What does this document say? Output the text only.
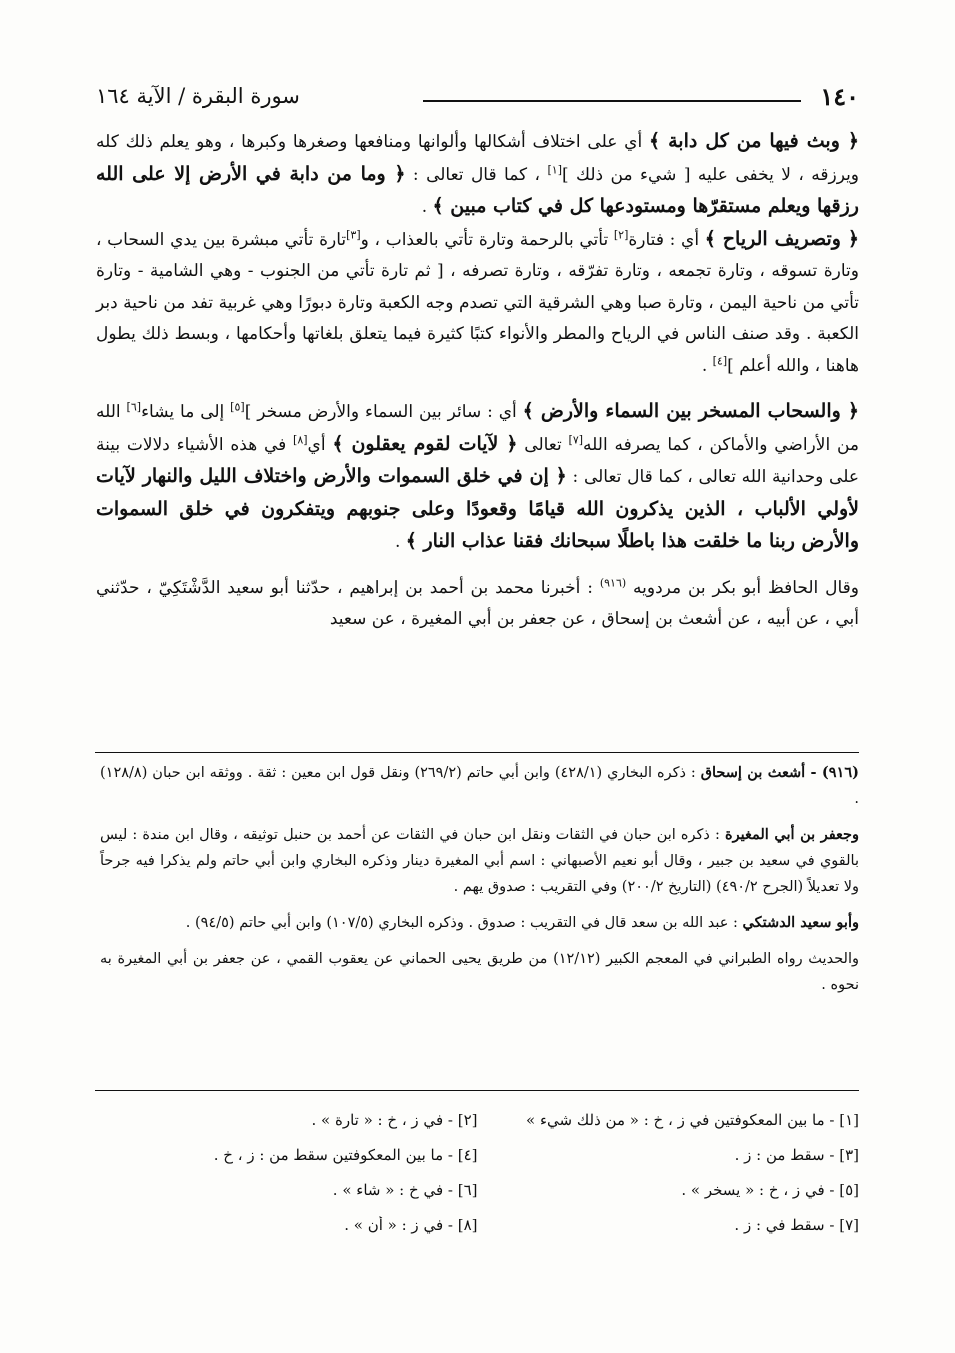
١٤٠
سورة البقرة / الآية ١٦٤

﴿ وبث فيها من كل دابة ﴾ أي على اختلاف أشكالها وألوانها ومنافعها وصغرها وكبرها ، وهو يعلم ذلك كله ويرزقه ، لا يخفى عليه [ شيء من ذلك ][١] ، كما قال تعالى : ﴿ وما من دابة في الأرض إلا على الله رزقها ويعلم مستقرّها ومستودعها كل في كتاب مبين ﴾ .
﴿ وتصريف الرياح ﴾ أي : فتارة[٢] تأتي بالرحمة وتارة تأتي بالعذاب ، و[٣]تارة تأتي مبشرة بين يدي السحاب ، وتارة تسوقه ، وتارة تجمعه ، وتارة تفرّقه ، وتارة تصرفه ، [ ثم تارة تأتي من الجنوب - وهي الشامية - وتارة تأتي من ناحية اليمن ، وتارة صبا وهي الشرقية التي تصدم وجه الكعبة وتارة دبورًا وهي غربية تفد من ناحية دبر الكعبة . وقد صنف الناس في الرياح والمطر والأنواء كتبًا كثيرة فيما يتعلق بلغاتها وأحكامها ، وبسط ذلك يطول هاهنا ، والله أعلم ][٤] .

﴿ والسحاب المسخر بين السماء والأرض ﴾ أي : سائر بين السماء والأرض مسخر ][٥] إلى ما يشاء[٦] الله من الأراضي والأماكن ، كما يصرفه الله[٧] تعالى ﴿ لآيات لقوم يعقلون ﴾ أي[٨] في هذه الأشياء دلالات بينة على وحدانية الله تعالى ، كما قال تعالى : ﴿ إن في خلق السموات والأرض واختلاف الليل والنهار لآيات لأولي الألباب ، الذين يذكرون الله قيامًا وقعودًا وعلى جنوبهم ويتفكرون في خلق السموات والأرض ربنا ما خلقت هذا باطلًا سبحانك فقنا عذاب النار ﴾ .

وقال الحافظ أبو بكر بن مردويه $^{(٩١٦)}$ : أخبرنا محمد بن أحمد بن إبراهيم ، حدّثنا أبو سعيد الدَّشْتَكِيّ ، حدّثني أبي ، عن أبيه ، عن أشعث بن إسحاق ، عن جعفر بن أبي المغيرة ، عن سعيد

(٩١٦) - أشعث بن إسحاق : ذكره البخاري (٤٢٨/١) وابن أبي حاتم (٢٦٩/٢) ونقل قول ابن معين : ثقة . ووثقه ابن حبان (١٢٨/٨) .

وجعفر بن أبي المغيرة : ذكره ابن حبان في الثقات ونقل ابن حبان في الثقات عن أحمد بن حنبل توثيقه ، وقال ابن مندة : ليس بالقوي في سعيد بن جبير ، وقال أبو نعيم الأصبهاني : اسم أبي المغيرة دينار وذكره البخاري وابن أبي حاتم ولم يذكرا فيه جرحاً ولا تعديلاً (الجرح ٤٩٠/٢) (التاريخ ٢٠٠/٢) وفي التقريب : صدوق يهم .

وأبو سعيد الدشتكي : عبد الله بن سعد قال في التقريب : صدوق . وذكره البخاري (١٠٧/٥) وابن أبي حاتم (٩٤/٥) .

والحديث رواه الطبراني في المعجم الكبير (١٢/١٢) من طريق يحيى الحماني عن يعقوب القمي ، عن جعفر بن أبي المغيرة به نحوه .

[١] - ما بين المعكوفتين في ز ، خ : « من ذلك شيء »
[٢] - في ز ، خ : « تارة » .
[٣] - سقط من : ز .
[٤] - ما بين المعكوفتين سقط من : ز ، خ .
[٥] - في ز ، خ : « يسخر » .
[٦] - في خ : « شاء » .
[٧] - سقط في : ز .
[٨] - في ز : « أن » .
